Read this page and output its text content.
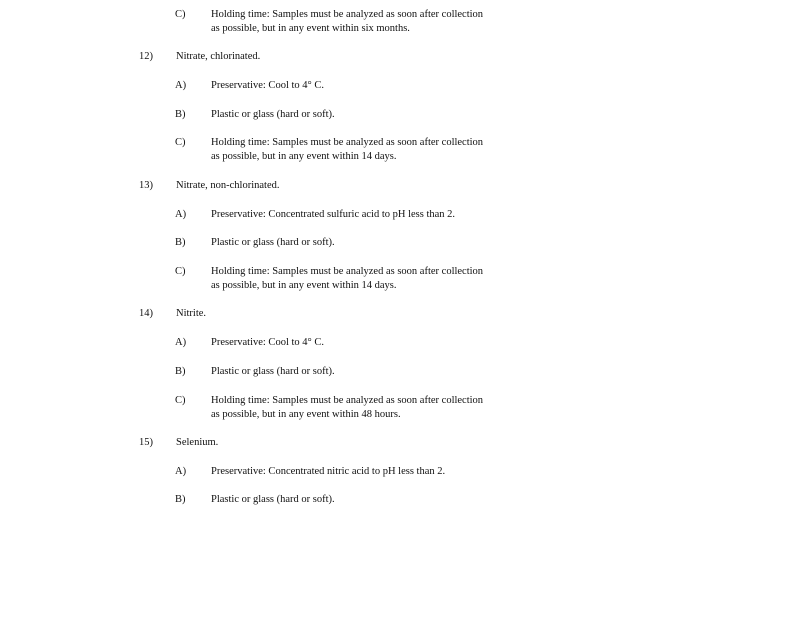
C) Holding time: Samples must be analyzed as soon after collection
as possible, but in any event within six months.
12) Nitrate, chlorinated.
A) Preservative: Cool to 4° C.
B) Plastic or glass (hard or soft).
C) Holding time: Samples must be analyzed as soon after collection
as possible, but in any event within 14 days.
13) Nitrate, non-chlorinated.
A) Preservative: Concentrated sulfuric acid to pH less than 2.
B) Plastic or glass (hard or soft).
C) Holding time: Samples must be analyzed as soon after collection
as possible, but in any event within 14 days.
14) Nitrite.
A) Preservative: Cool to 4° C.
B) Plastic or glass (hard or soft).
C) Holding time: Samples must be analyzed as soon after collection
as possible, but in any event within 48 hours.
15) Selenium.
A) Preservative: Concentrated nitric acid to pH less than 2.
B) Plastic or glass (hard or soft).
